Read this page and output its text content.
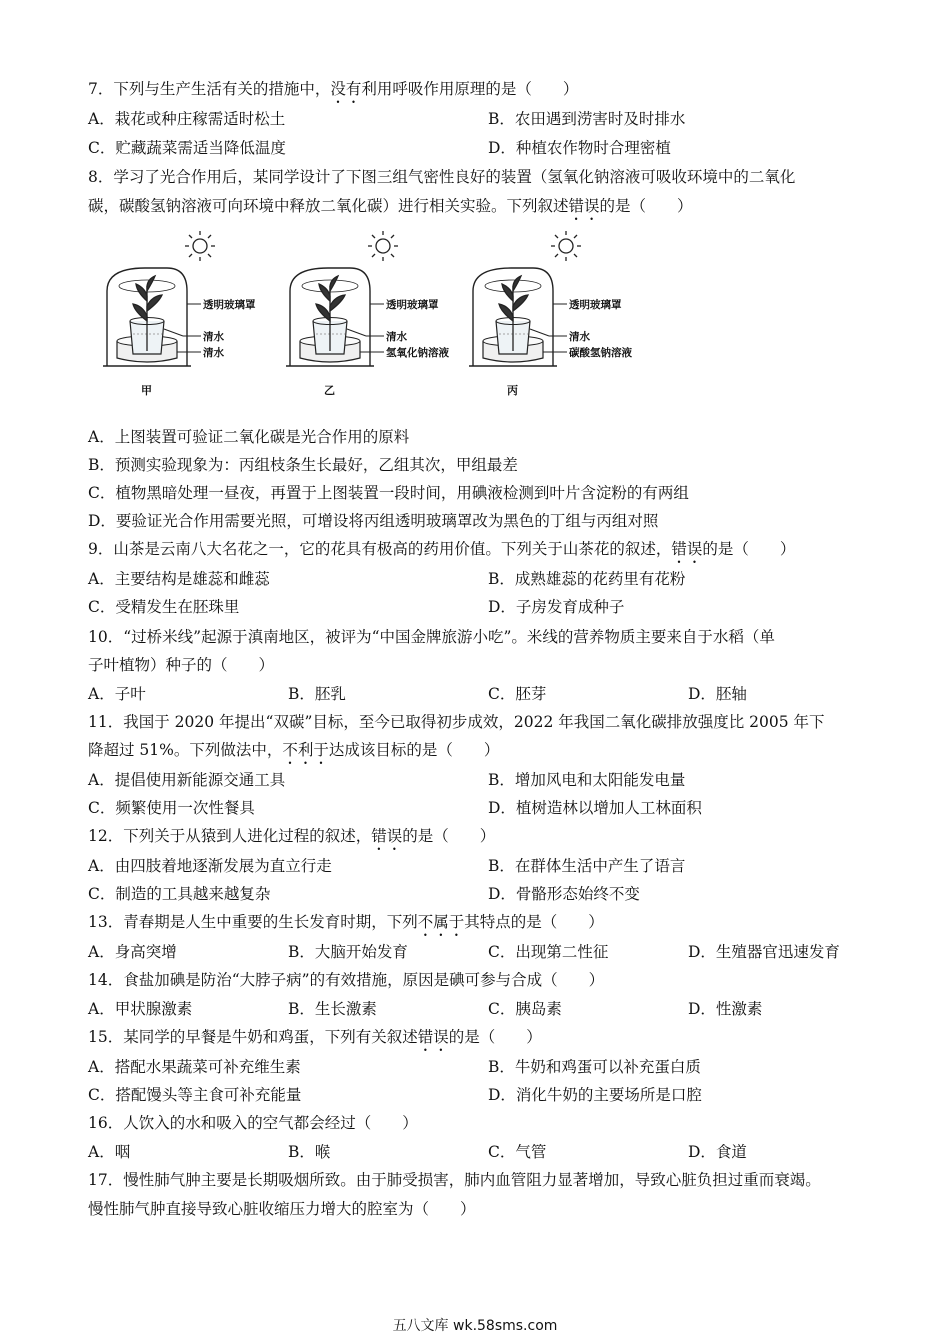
7．下列与生产生活有关的措施中，没有利用呼吸作用原理的是（　　）
A．栽花或种庄稼需适时松土	B．农田遇到涝害时及时排水
C．贮藏蔬菜需适当降低温度	D．种植农作物时合理密植
8．学习了光合作用后，某同学设计了下图三组气密性良好的装置（氢氧化钠溶液可吸收环境中的二氧化
碳，碳酸氢钠溶液可向环境中释放二氧化碳）进行相关实验。下列叙述错误的是（　　）
透明玻璃罩
清水
清水
甲
透明玻璃罩
清水
氢氧化钠溶液
乙
透明玻璃罩
清水
碳酸氢钠溶液
丙
A．上图装置可验证二氧化碳是光合作用的原料
B．预测实验现象为：丙组枝条生长最好，乙组其次，甲组最差
C．植物黑暗处理一昼夜，再置于上图装置一段时间，用碘液检测到叶片含淀粉的有两组
D．要验证光合作用需要光照，可增设将丙组透明玻璃罩改为黑色的丁组与丙组对照
9．山茶是云南八大名花之一，它的花具有极高的药用价值。下列关于山茶花的叙述，错误的是（　　）
A．主要结构是雄蕊和雌蕊	B．成熟雄蕊的花药里有花粉
C．受精发生在胚珠里	D．子房发育成种子
10．“过桥米线”起源于滇南地区，被评为“中国金牌旅游小吃”。米线的营养物质主要来自于水稻（单
子叶植物）种子的（　　）
A．子叶	B．胚乳	C．胚芽	D．胚轴
11．我国于 2020 年提出“双碳”目标，至今已取得初步成效，2022 年我国二氧化碳排放强度比 2005 年下
降超过 51%。下列做法中，不利于达成该目标的是（　　）
A．提倡使用新能源交通工具	B．增加风电和太阳能发电量
C．频繁使用一次性餐具	D．植树造林以增加人工林面积
12．下列关于从猿到人进化过程的叙述，错误的是（　　）
A．由四肢着地逐渐发展为直立行走	B．在群体生活中产生了语言
C．制造的工具越来越复杂	D．骨骼形态始终不变
13．青春期是人生中重要的生长发育时期，下列不属于其特点的是（　　）
A．身高突增	B．大脑开始发育	C．出现第二性征	D．生殖器官迅速发育
14．食盐加碘是防治“大脖子病”的有效措施，原因是碘可参与合成（　　）
A．甲状腺激素	B．生长激素	C．胰岛素	D．性激素
15．某同学的早餐是牛奶和鸡蛋，下列有关叙述错误的是（　　）
A．搭配水果蔬菜可补充维生素	B．牛奶和鸡蛋可以补充蛋白质
C．搭配馒头等主食可补充能量	D．消化牛奶的主要场所是口腔
16．人饮入的水和吸入的空气都会经过（　　）
A．咽	B．喉	C．气管	D．食道
17．慢性肺气肿主要是长期吸烟所致。由于肺受损害，肺内血管阻力显著增加，导致心脏负担过重而衰竭。
慢性肺气肿直接导致心脏收缩压力增大的腔室为（　　）
五八文库 wk.58sms.com
